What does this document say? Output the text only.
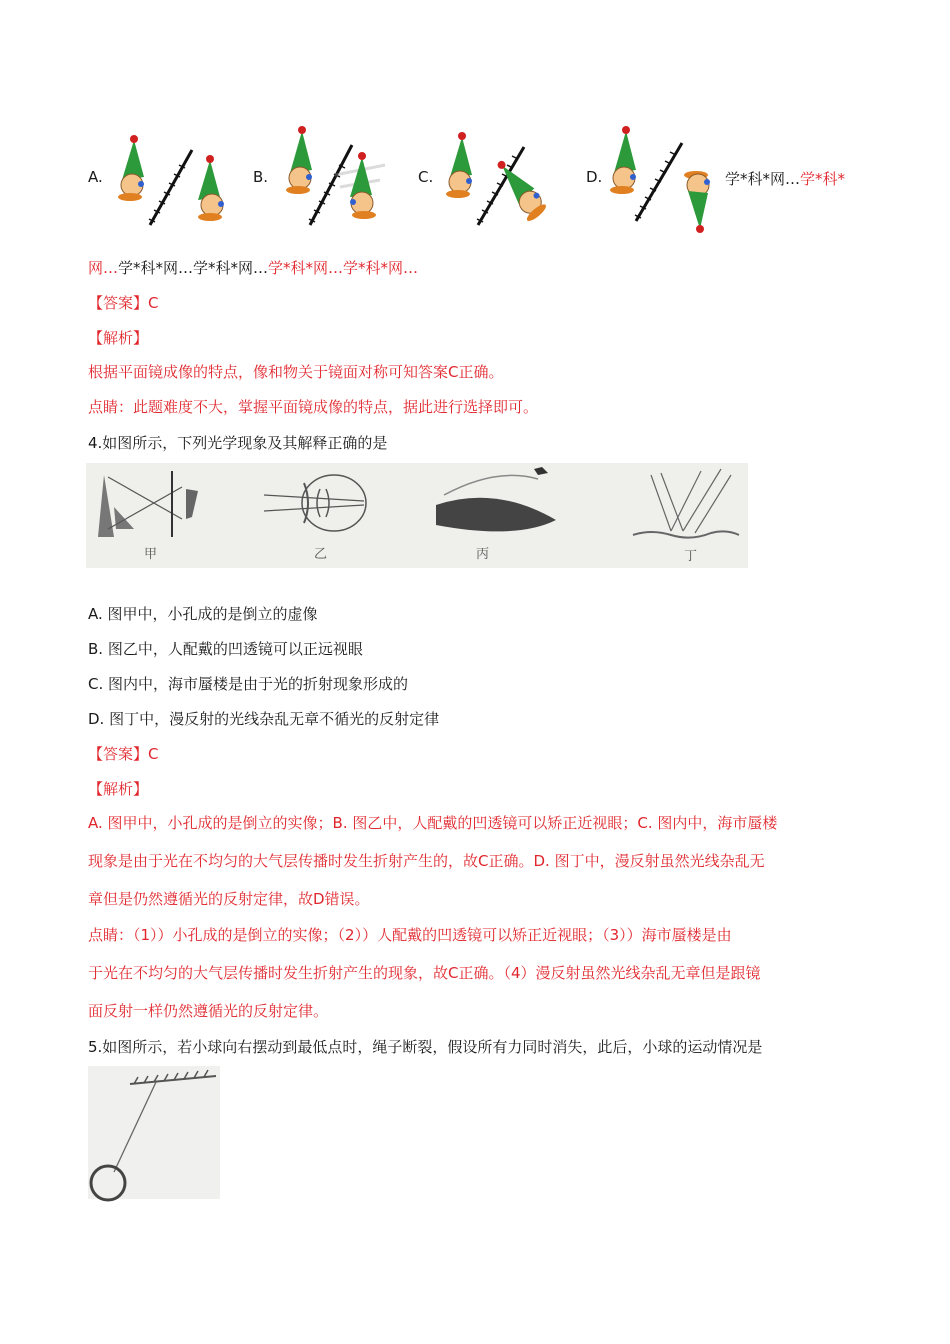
A.	B.	C.	D.	学*科*网…学*科*
网…学*科*网…学*科*网…学*科*网…学*科*网…
【答案】C
【解析】
根据平面镜成像的特点，像和物关于镜面对称可知答案C正确。
点睛：此题难度不大，掌握平面镜成像的特点，据此进行选择即可。
4.如图所示，下列光学现象及其解释正确的是
甲	乙	丙	丁
A. 图甲中，小孔成的是倒立的虚像
B. 图乙中，人配戴的凹透镜可以正远视眼
C. 图内中，海市蜃楼是由于光的折射现象形成的
D. 图丁中，漫反射的光线杂乱无章不循光的反射定律
【答案】C
【解析】
A. 图甲中，小孔成的是倒立的实像；B. 图乙中，人配戴的凹透镜可以矫正近视眼；C. 图内中，海市蜃楼
现象是由于光在不均匀的大气层传播时发生折射产生的，故C正确。D. 图丁中，漫反射虽然光线杂乱无
章但是仍然遵循光的反射定律，故D错误。
点睛：（1））小孔成的是倒立的实像；（2））人配戴的凹透镜可以矫正近视眼；（3））海市蜃楼是由
于光在不均匀的大气层传播时发生折射产生的现象，故C正确。（4）漫反射虽然光线杂乱无章但是跟镜
面反射一样仍然遵循光的反射定律。
5.如图所示，若小球向右摆动到最低点时，绳子断裂，假设所有力同时消失，此后，小球的运动情况是
